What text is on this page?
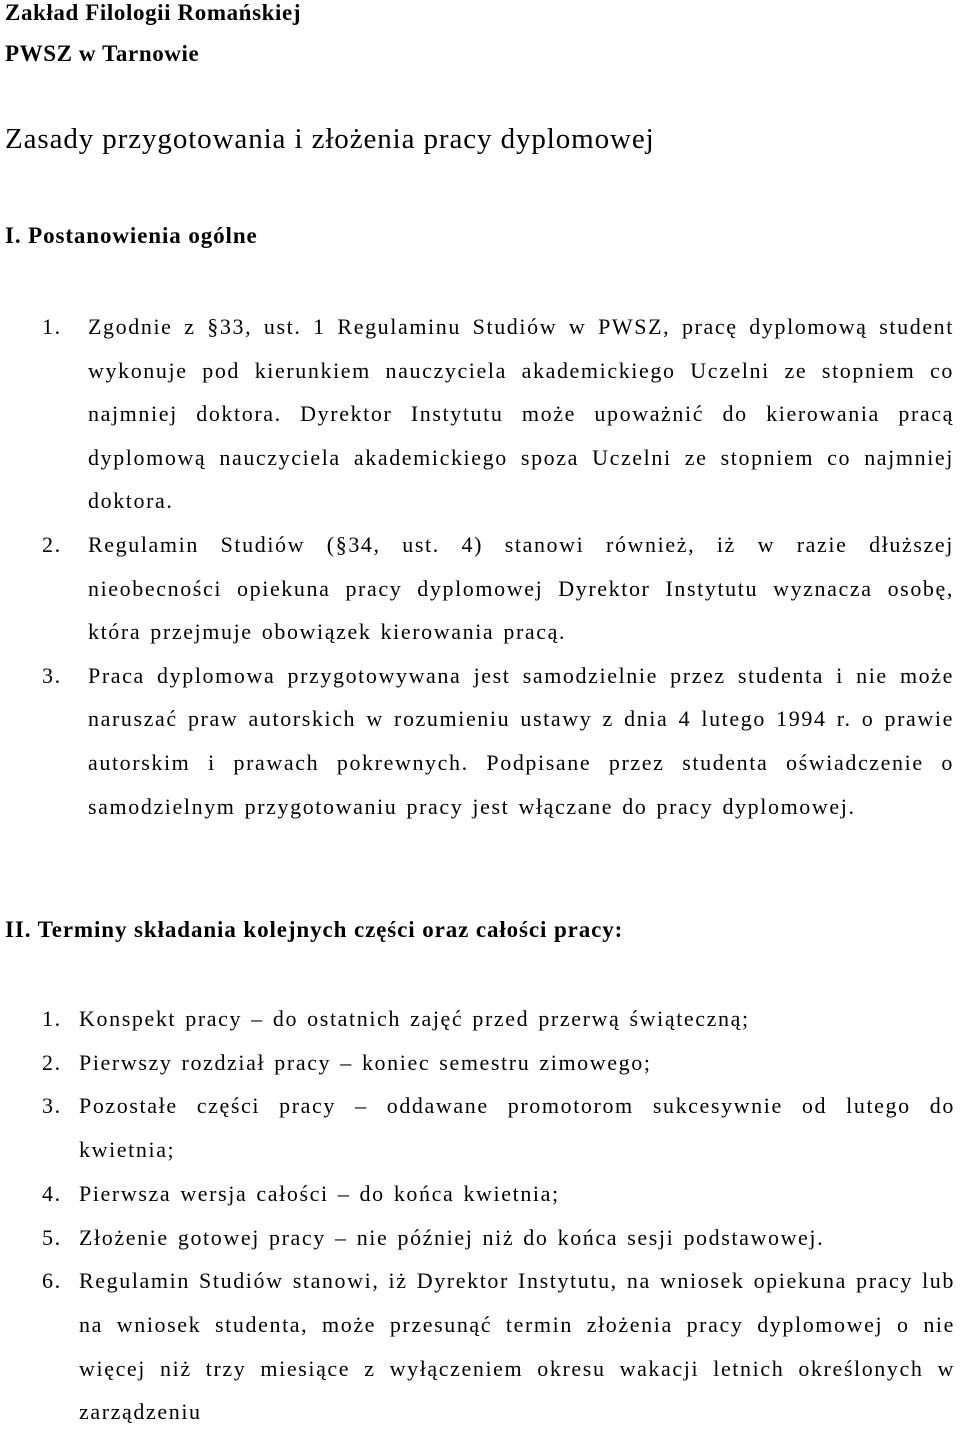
Zakład Filologii Romańskiej
PWSZ w Tarnowie
Zasady przygotowania i złożenia pracy dyplomowej
I. Postanowienia ogólne
1. Zgodnie z §33, ust. 1 Regulaminu Studiów w PWSZ, pracę dyplomową student wykonuje pod kierunkiem nauczyciela akademickiego Uczelni ze stopniem co najmniej doktora. Dyrektor Instytutu może upoważnić do kierowania pracą dyplomową nauczyciela akademickiego spoza Uczelni ze stopniem co najmniej doktora.
2. Regulamin Studiów (§34, ust. 4) stanowi również, iż w razie dłuższej nieobecności opiekuna pracy dyplomowej Dyrektor Instytutu wyznacza osobę, która przejmuje obowiązek kierowania pracą.
3. Praca dyplomowa przygotowywana jest samodzielnie przez studenta i nie może naruszać praw autorskich w rozumieniu ustawy z dnia 4 lutego 1994 r. o prawie autorskim i prawach pokrewnych. Podpisane przez studenta oświadczenie o samodzielnym przygotowaniu pracy jest włączane do pracy dyplomowej.
II. Terminy składania kolejnych części oraz całości pracy:
1. Konspekt pracy – do ostatnich zajęć przed przerwą świąteczną;
2. Pierwszy rozdział pracy – koniec semestru zimowego;
3. Pozostałe części pracy – oddawane promotorom sukcesywnie od lutego do kwietnia;
4. Pierwsza wersja całości – do końca kwietnia;
5. Złożenie gotowej pracy – nie później niż do końca sesji podstawowej.
6. Regulamin Studiów stanowi, iż Dyrektor Instytutu, na wniosek opiekuna pracy lub na wniosek studenta, może przesunąć termin złożenia pracy dyplomowej o nie więcej niż trzy miesiące z wyłączeniem okresu wakacji letnich określonych w zarządzeniu
